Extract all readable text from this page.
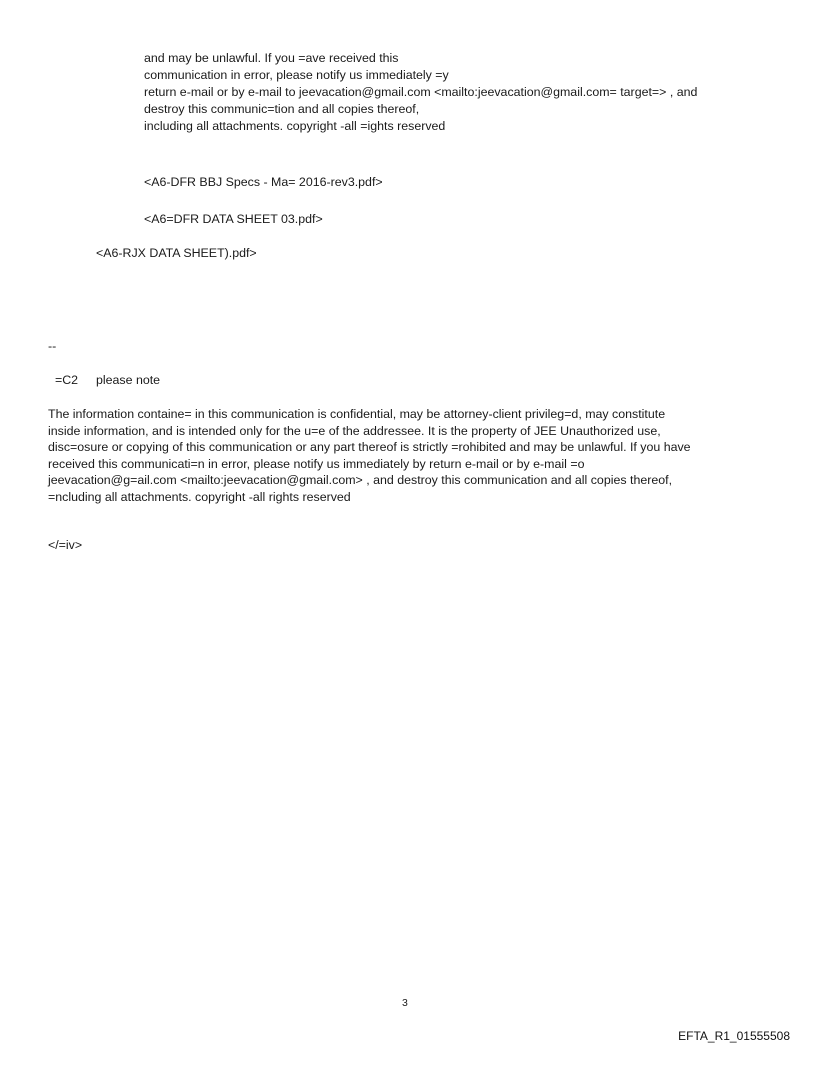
and may be unlawful. If you =ave received this
communication in error, please notify us immediately =y
return e-mail or by e-mail to jeevacation@gmail.com <mailto:jeevacation@gmail.com= target=> , and
destroy this communic=tion and all copies thereof,
including all attachments. copyright -all =ights reserved
<A6-DFR BBJ Specs - Ma= 2016-rev3.pdf>
<A6=DFR DATA SHEET 03.pdf>
<A6-RJX DATA SHEET).pdf>
--
=C2 please note
The information containe= in this communication is confidential, may be attorney-client privileg=d, may constitute
inside information, and is intended only for the u=e of the addressee. It is the property of JEE Unauthorized use,
disc=osure or copying of this communication or any part thereof is strictly =rohibited and may be unlawful. If you have
received this communicati=n in error, please notify us immediately by return e-mail or by e-mail =o
jeevacation@g=ail.com <mailto:jeevacation@gmail.com> , and destroy this communication and all copies thereof,
=ncluding all attachments. copyright -all rights reserved
</=iv>
3
EFTA_R1_01555508
